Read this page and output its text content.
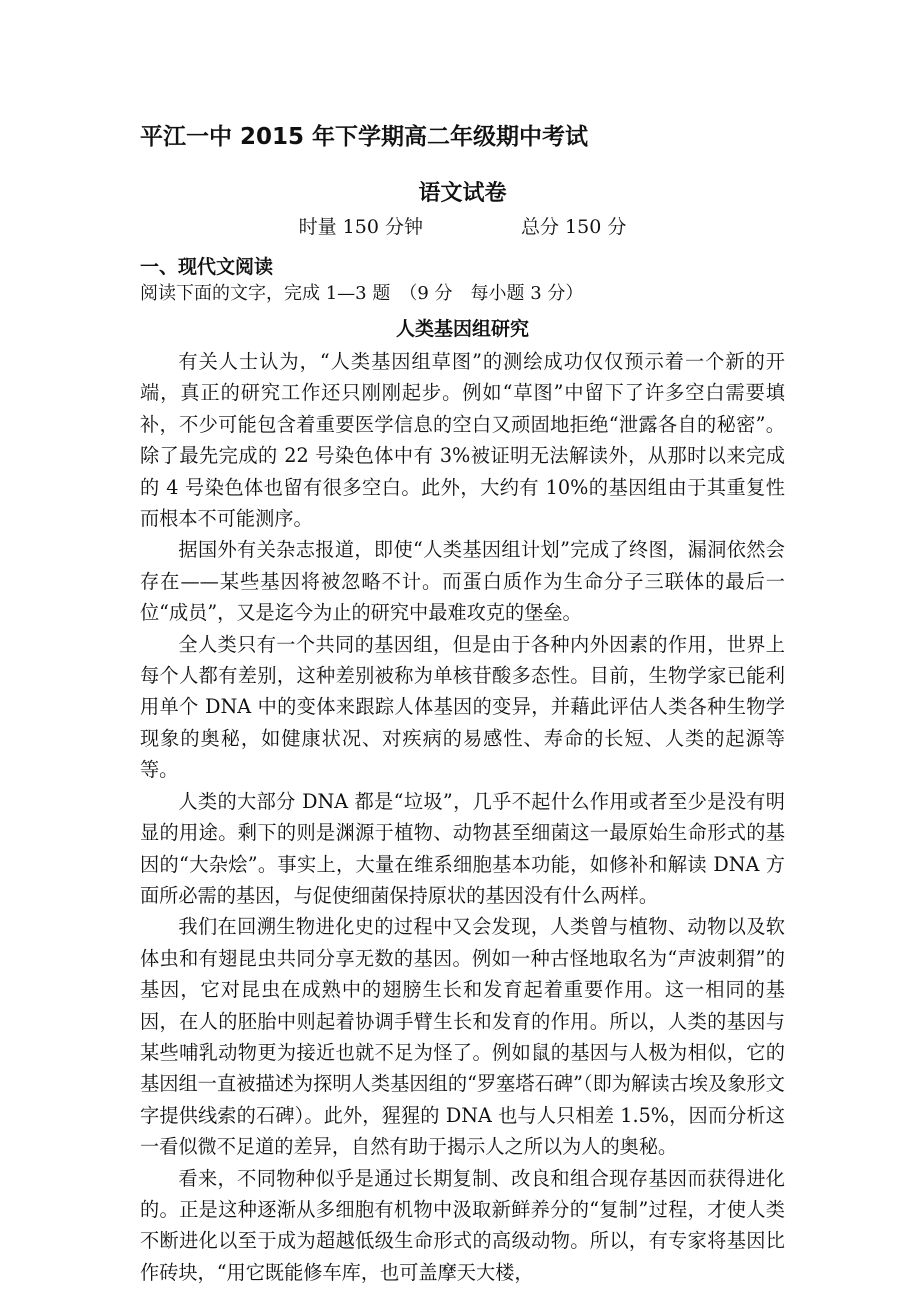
平江一中 2015 年下学期高二年级期中考试
语文试卷
时量 150 分钟	总分 150 分
一、现代文阅读
阅读下面的文字，完成 1—3 题　（9 分　每小题 3 分）
人类基因组研究

有关人士认为，“人类基因组草图”的测绘成功仅仅预示着一个新的开端，真正的研究工作还只刚刚起步。例如“草图”中留下了许多空白需要填补，不少可能包含着重要医学信息的空白又顽固地拒绝“泄露各自的秘密”。除了最先完成的 22 号染色体中有 3%被证明无法解读外，从那时以来完成的 4 号染色体也留有很多空白。此外，大约有 10%的基因组由于其重复性而根本不可能测序。

据国外有关杂志报道，即使“人类基因组计划”完成了终图，漏洞依然会存在——某些基因将被忽略不计。而蛋白质作为生命分子三联体的最后一位“成员”，又是迄今为止的研究中最难攻克的堡垒。

全人类只有一个共同的基因组，但是由于各种内外因素的作用，世界上每个人都有差别，这种差别被称为单核苷酸多态性。目前，生物学家已能利用单个 DNA 中的变体来跟踪人体基因的变异，并藉此评估人类各种生物学现象的奥秘，如健康状况、对疾病的易感性、寿命的长短、人类的起源等等。

人类的大部分 DNA 都是“垃圾”，几乎不起什么作用或者至少是没有明显的用途。剩下的则是渊源于植物、动物甚至细菌这一最原始生命形式的基因的“大杂烩”。事实上，大量在维系细胞基本功能，如修补和解读 DNA 方面所必需的基因，与促使细菌保持原状的基因没有什么两样。

我们在回溯生物进化史的过程中又会发现，人类曾与植物、动物以及软体虫和有翅昆虫共同分享无数的基因。例如一种古怪地取名为“声波刺猬”的基因，它对昆虫在成熟中的翅膀生长和发育起着重要作用。这一相同的基因，在人的胚胎中则起着协调手臂生长和发育的作用。所以，人类的基因与某些哺乳动物更为接近也就不足为怪了。例如鼠的基因与人极为相似，它的基因组一直被描述为探明人类基因组的“罗塞塔石碑”（即为解读古埃及象形文字提供线索的石碑）。此外，猩猩的 DNA 也与人只相差 1.5%，因而分析这一看似微不足道的差异，自然有助于揭示人之所以为人的奥秘。

看来，不同物种似乎是通过长期复制、改良和组合现存基因而获得进化的。正是这种逐渐从多细胞有机物中汲取新鲜养分的“复制”过程，才使人类不断进化以至于成为超越低级生命形式的高级动物。所以，有专家将基因比作砖块，“用它既能修车库，也可盖摩天大楼，
